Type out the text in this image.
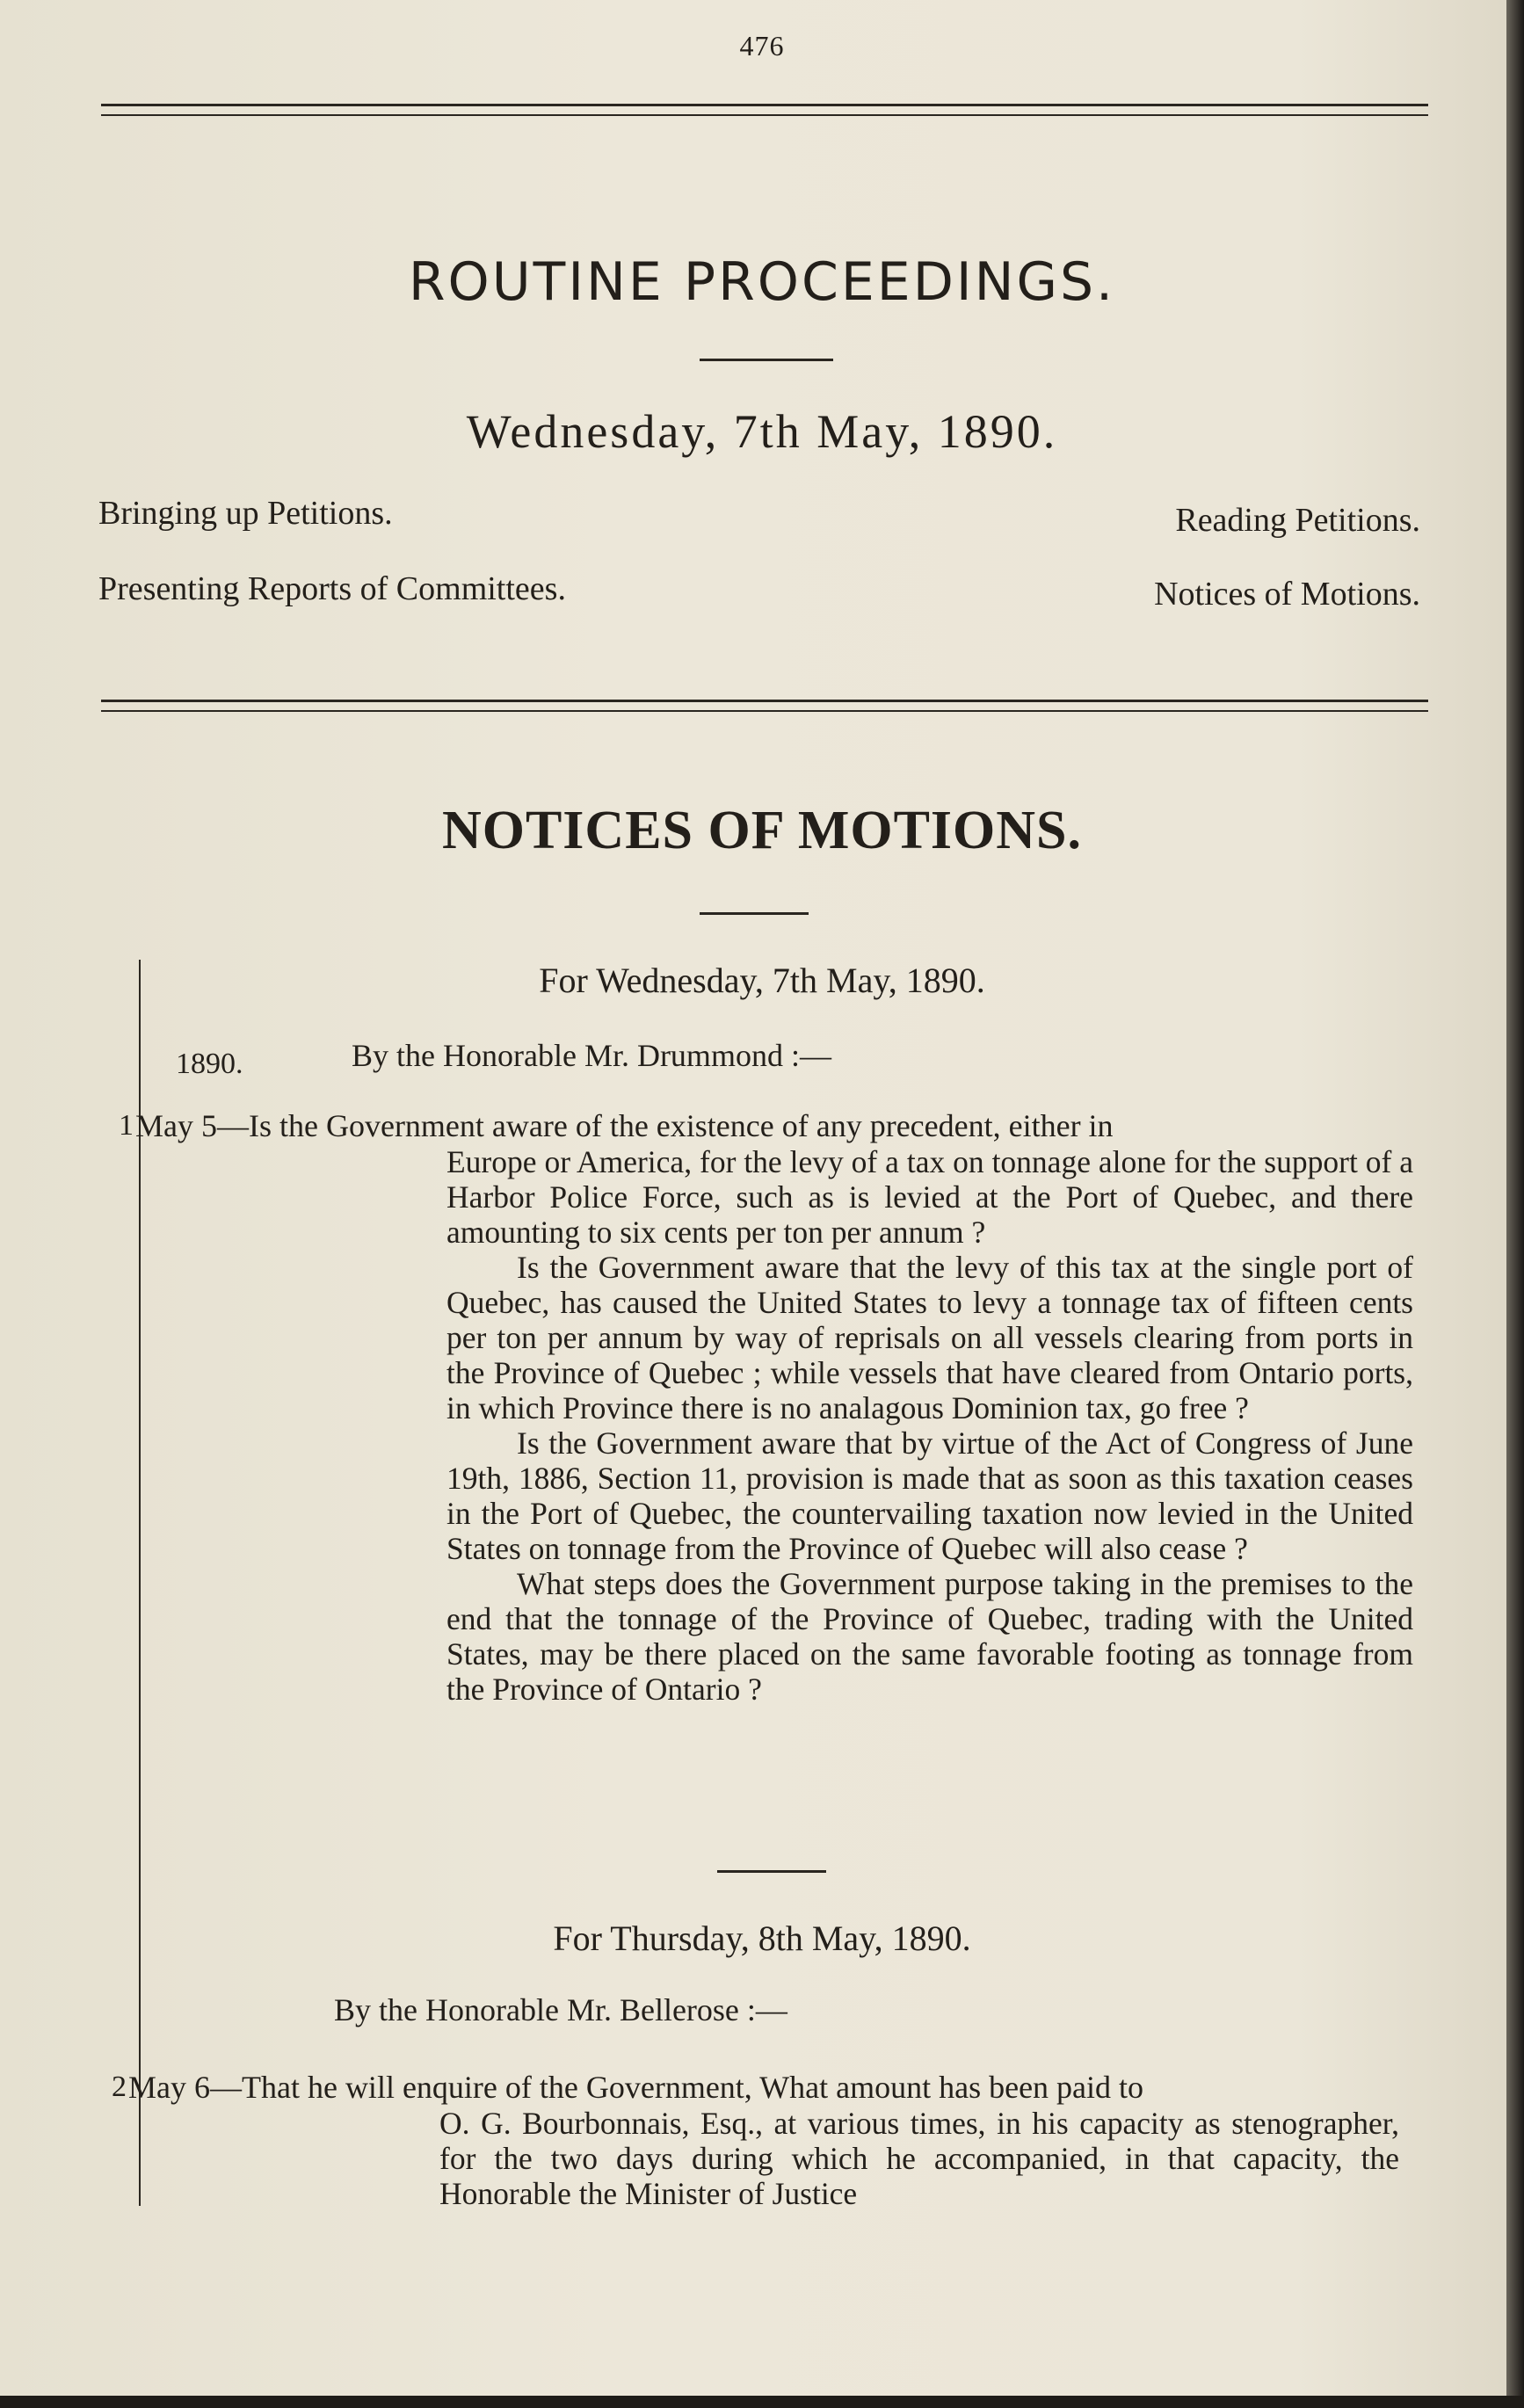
476
ROUTINE PROCEEDINGS.
Wednesday, 7th May, 1890.
Bringing up Petitions.	Reading Petitions.
Presenting Reports of Committees.	Notices of Motions.
NOTICES OF MOTIONS.
For Wednesday, 7th May, 1890.
By the Honorable Mr. Drummond :—
1890.
1 May 5—Is the Government aware of the existence of any precedent, either in

Europe or America, for the levy of a tax on tonnage alone for the support of a Harbor Police Force, such as is levied at the Port of Quebec, and there amounting to six cents per ton per annum ?

Is the Government aware that the levy of this tax at the single port of Quebec, has caused the United States to levy a tonnage tax of fifteen cents per ton per annum by way of reprisals on all vessels clearing from ports in the Province of Quebec ; while vessels that have cleared from Ontario ports, in which Province there is no analagous Dominion tax, go free ?

Is the Government aware that by virtue of the Act of Congress of June 19th, 1886, Section 11, provision is made that as soon as this taxation ceases in the Port of Quebec, the countervailing taxation now levied in the United States on tonnage from the Province of Quebec will also cease ?

What steps does the Government purpose taking in the premises to the end that the tonnage of the Province of Quebec, trading with the United States, may be there placed on the same favorable footing as tonnage from the Province of Ontario ?

For Thursday, 8th May, 1890.
By the Honorable Mr. Bellerose :—
2 May 6—That he will enquire of the Government, What amount has been paid to

O. G. Bourbonnais, Esq., at various times, in his capacity as stenographer, for the two days during which he accompanied, in that capacity, the Honorable the Minister of Justice
